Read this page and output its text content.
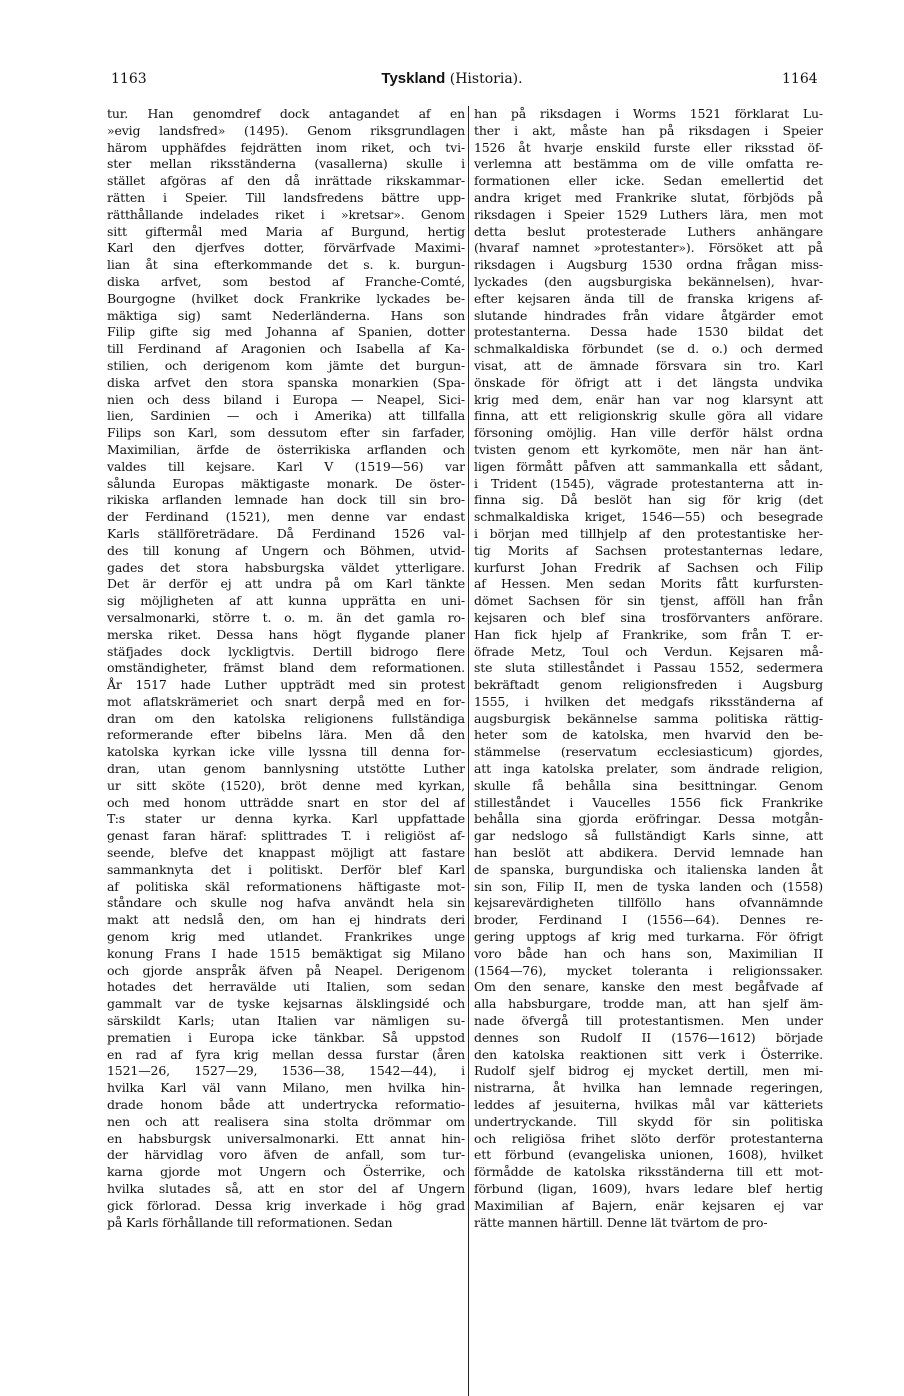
1163	Tyskland (Historia).	1164
tur. Han genomdref dock antagandet af en
»evig landsfred» (1495). Genom riksgrundlagen
härom upphäfdes fejdrätten inom riket, och tvi-
ster mellan riksständerna (vasallerna) skulle i
stället afgöras af den då inrättade rikskammar-
rätten i Speier. Till landsfredens bättre upp-
rätthållande indelades riket i »kretsar». Genom
sitt giftermål med Maria af Burgund, hertig
Karl den djerfves dotter, förvärfvade Maximi-
lian åt sina efterkommande det s. k. burgun-
diska arfvet, som bestod af Franche-Comté,
Bourgogne (hvilket dock Frankrike lyckades be-
mäktiga sig) samt Nederländerna. Hans son
Filip gifte sig med Johanna af Spanien, dotter
till Ferdinand af Aragonien och Isabella af Ka-
stilien, och derigenom kom jämte det burgun-
diska arfvet den stora spanska monarkien (Spa-
nien och dess biland i Europa — Neapel, Sici-
lien, Sardinien — och i Amerika) att tillfalla
Filips son Karl, som dessutom efter sin farfader,
Maximilian, ärfde de österrikiska arflanden och
valdes till kejsare. Karl V (1519—56) var
sålunda Europas mäktigaste monark. De öster-
rikiska arflanden lemnade han dock till sin bro-
der Ferdinand (1521), men denne var endast
Karls ställföreträdare. Då Ferdinand 1526 val-
des till konung af Ungern och Böhmen, utvid-
gades det stora habsburgska väldet ytterligare.
Det är derför ej att undra på om Karl tänkte
sig möjligheten af att kunna upprätta en uni-
versalmonarki, större t. o. m. än det gamla ro-
merska riket. Dessa hans högt flygande planer
stäfjades dock lyckligtvis. Dertill bidrogo flere
omständigheter, främst bland dem reformationen.
År 1517 hade Luther uppträdt med sin protest
mot aflatskrämeriet och snart derpå med en for-
dran om den katolska religionens fullständiga
reformerande efter bibelns lära. Men då den
katolska kyrkan icke ville lyssna till denna for-
dran, utan genom bannlysning utstötte Luther
ur sitt sköte (1520), bröt denne med kyrkan,
och med honom utträdde snart en stor del af
T:s stater ur denna kyrka. Karl uppfattade
genast faran häraf: splittrades T. i religiöst af-
seende, blefve det knappast möjligt att fastare
sammanknyta det i politiskt. Derför blef Karl
af politiska skäl reformationens häftigaste mot-
ståndare och skulle nog hafva användt hela sin
makt att nedslå den, om han ej hindrats deri
genom krig med utlandet. Frankrikes unge
konung Frans I hade 1515 bemäktigat sig Milano
och gjorde anspråk äfven på Neapel. Derigenom
hotades det herravälde uti Italien, som sedan
gammalt var de tyske kejsarnas älsklingsidé och
särskildt Karls; utan Italien var nämligen su-
prematien i Europa icke tänkbar. Så uppstod
en rad af fyra krig mellan dessa furstar (åren
1521—26, 1527—29, 1536—38, 1542—44), i
hvilka Karl väl vann Milano, men hvilka hin-
drade honom både att undertrycka reformatio-
nen och att realisera sina stolta drömmar om
en habsburgsk universalmonarki. Ett annat hin-
der härvidlag voro äfven de anfall, som tur-
karna gjorde mot Ungern och Österrike, och
hvilka slutades så, att en stor del af Ungern
gick förlorad. Dessa krig inverkade i hög grad
på Karls förhållande till reformationen. Sedan
han på riksdagen i Worms 1521 förklarat Lu-
ther i akt, måste han på riksdagen i Speier
1526 åt hvarje enskild furste eller riksstad öf-
verlemna att bestämma om de ville omfatta re-
formationen eller icke. Sedan emellertid det
andra kriget med Frankrike slutat, förbjöds på
riksdagen i Speier 1529 Luthers lära, men mot
detta beslut protesterade Luthers anhängare
(hvaraf namnet »protestanter»). Försöket att på
riksdagen i Augsburg 1530 ordna frågan miss-
lyckades (den augsburgiska bekännelsen), hvar-
efter kejsaren ända till de franska krigens af-
slutande hindrades från vidare åtgärder emot
protestanterna. Dessa hade 1530 bildat det
schmalkaldiska förbundet (se d. o.) och dermed
visat, att de ämnade försvara sin tro. Karl
önskade för öfrigt att i det längsta undvika
krig med dem, enär han var nog klarsynt att
finna, att ett religionskrig skulle göra all vidare
försoning omöjlig. Han ville derför hälst ordna
tvisten genom ett kyrkomöte, men när han änt-
ligen förmått påfven att sammankalla ett sådant,
i Trident (1545), vägrade protestanterna att in-
finna sig. Då beslöt han sig för krig (det
schmalkaldiska kriget, 1546—55) och besegrade
i början med tillhjelp af den protestantiske her-
tig Morits af Sachsen protestanternas ledare,
kurfurst Johan Fredrik af Sachsen och Filip
af Hessen. Men sedan Morits fått kurfursten-
dömet Sachsen för sin tjenst, afföll han från
kejsaren och blef sina trosförvanters anförare.
Han fick hjelp af Frankrike, som från T. er-
öfrade Metz, Toul och Verdun. Kejsaren må-
ste sluta stilleståndet i Passau 1552, sedermera
bekräftadt genom religionsfreden i Augsburg
1555, i hvilken det medgafs riksständerna af
augsburgisk bekännelse samma politiska rättig-
heter som de katolska, men hvarvid den be-
stämmelse (reservatum ecclesiasticum) gjordes,
att inga katolska prelater, som ändrade religion,
skulle få behålla sina besittningar. Genom
stilleståndet i Vaucelles 1556 fick Frankrike
behålla sina gjorda eröfringar. Dessa motgån-
gar nedslogo så fullständigt Karls sinne, att
han beslöt att abdikera. Dervid lemnade han
de spanska, burgundiska och italienska landen åt
sin son, Filip II, men de tyska landen och (1558)
kejsarevärdigheten tillföllo hans ofvannämnde
broder, Ferdinand I (1556—64). Dennes re-
gering upptogs af krig med turkarna. För öfrigt
voro både han och hans son, Maximilian II
(1564—76), mycket toleranta i religionssaker.
Om den senare, kanske den mest begåfvade af
alla habsburgare, trodde man, att han sjelf äm-
nade öfvergå till protestantismen. Men under
dennes son Rudolf II (1576—1612) började
den katolska reaktionen sitt verk i Österrike.
Rudolf sjelf bidrog ej mycket dertill, men mi-
nistrarna, åt hvilka han lemnade regeringen,
leddes af jesuiterna, hvilkas mål var kätteriets
undertryckande. Till skydd för sin politiska
och religiösa frihet slöto derför protestanterna
ett förbund (evangeliska unionen, 1608), hvilket
förmådde de katolska riksständerna till ett mot-
förbund (ligan, 1609), hvars ledare blef hertig
Maximilian af Bajern, enär kejsaren ej var
rätte mannen härtill. Denne lät tvärtom de pro-
